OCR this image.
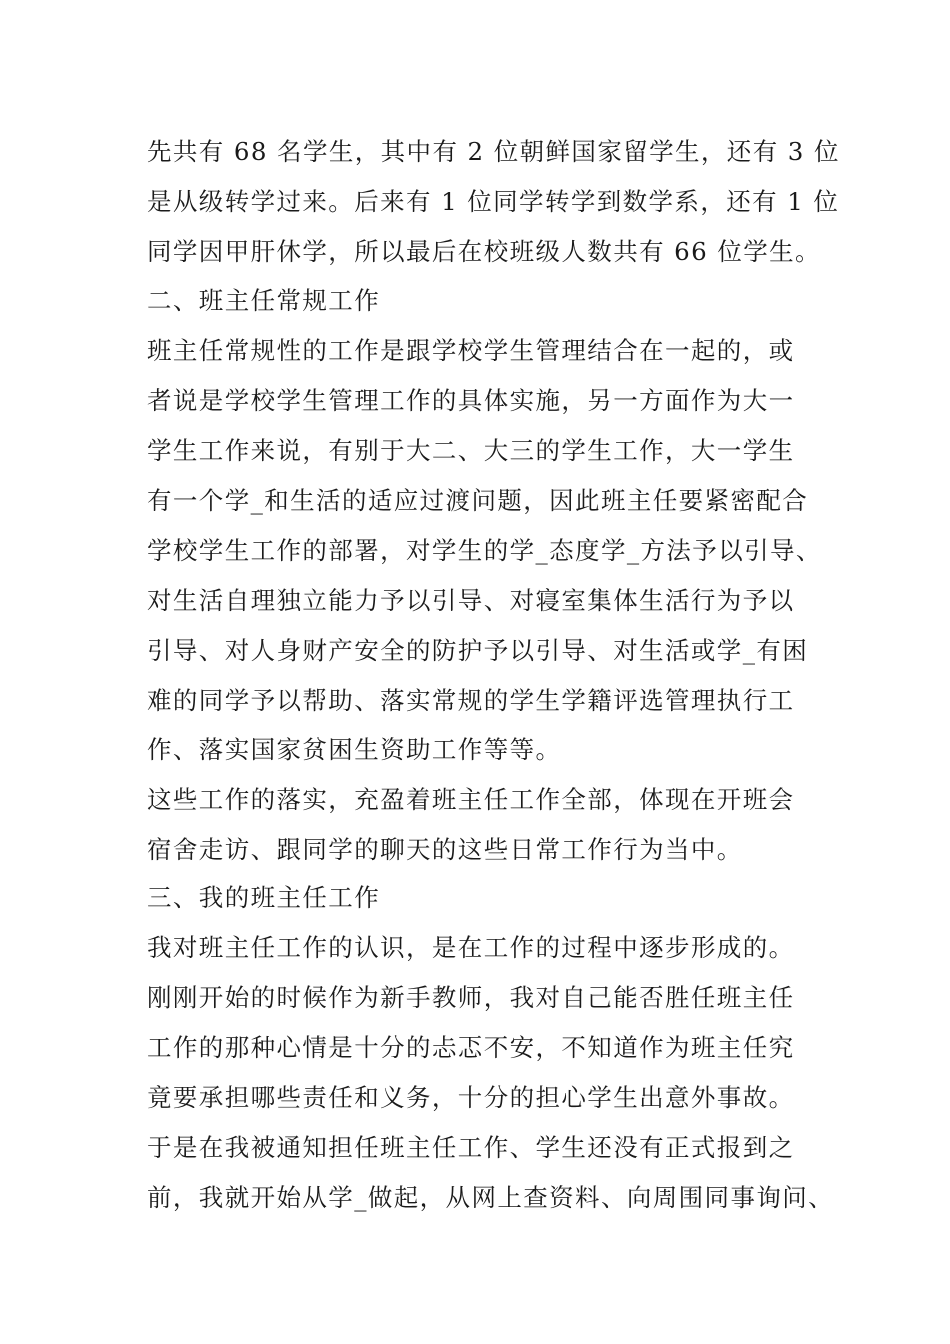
先共有 68 名学生，其中有 2 位朝鲜国家留学生，还有 3 位
是从级转学过来。后来有 1 位同学转学到数学系，还有 1 位
同学因甲肝休学，所以最后在校班级人数共有 66 位学生。
二、班主任常规工作
班主任常规性的工作是跟学校学生管理结合在一起的，或
者说是学校学生管理工作的具体实施，另一方面作为大一
学生工作来说，有别于大二、大三的学生工作，大一学生
有一个学_和生活的适应过渡问题，因此班主任要紧密配合
学校学生工作的部署，对学生的学_态度学_方法予以引导、
对生活自理独立能力予以引导、对寝室集体生活行为予以
引导、对人身财产安全的防护予以引导、对生活或学_有困
难的同学予以帮助、落实常规的学生学籍评选管理执行工
作、落实国家贫困生资助工作等等。
这些工作的落实，充盈着班主任工作全部，体现在开班会
宿舍走访、跟同学的聊天的这些日常工作行为当中。
三、我的班主任工作
我对班主任工作的认识，是在工作的过程中逐步形成的。
刚刚开始的时候作为新手教师，我对自己能否胜任班主任
工作的那种心情是十分的忐忑不安，不知道作为班主任究
竟要承担哪些责任和义务，十分的担心学生出意外事故。
于是在我被通知担任班主任工作、学生还没有正式报到之
前，我就开始从学_做起，从网上查资料、向周围同事询问、
